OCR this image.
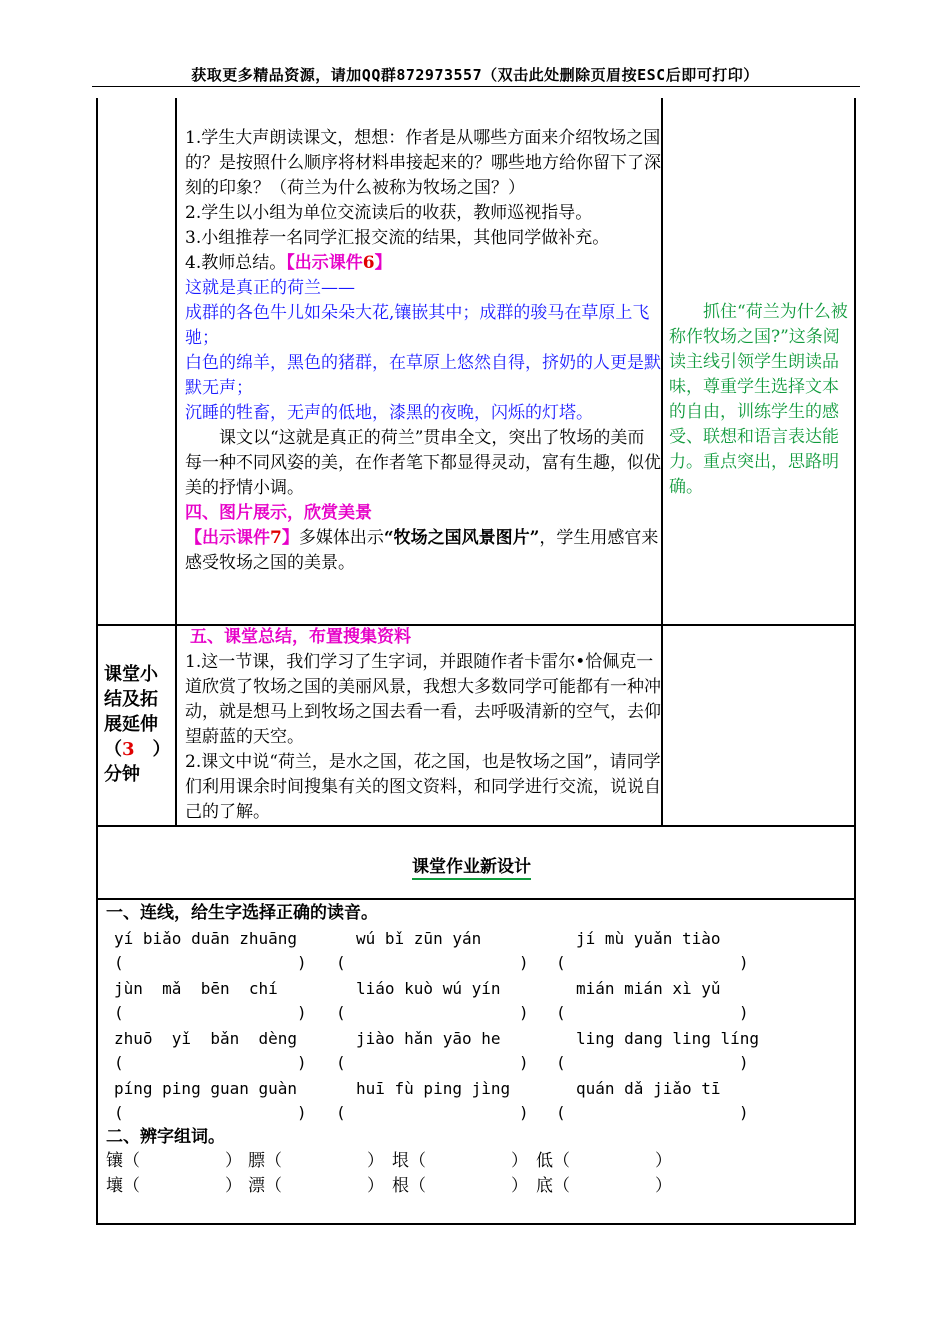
获取更多精品资源，请加QQ群872973557（双击此处删除页眉按ESC后即可打印）
1.学生大声朗读课文，想想：作者是从哪些方面来介绍牧场之国的？是按照什么顺序将材料串接起来的？哪些地方给你留下了深刻的印象？（荷兰为什么被称为牧场之国？）
2.学生以小组为单位交流读后的收获，教师巡视指导。
3.小组推荐一名同学汇报交流的结果，其他同学做补充。
4.教师总结。【出示课件6】
这就是真正的荷兰——
成群的各色牛儿如朵朵大花,镶嵌其中；成群的骏马在草原上飞驰；
白色的绵羊，黑色的猪群，在草原上悠然自得，挤奶的人更是默默无声；
沉睡的牲畜，无声的低地，漆黑的夜晚，闪烁的灯塔。
课文以“这就是真正的荷兰”贯串全文，突出了牧场的美而每一种不同风姿的美，在作者笔下都显得灵动，富有生趣，似优美的抒情小调。
四、图片展示，欣赏美景
【出示课件7】多媒体出示“牧场之国风景图片”，学生用感官来感受牧场之国的美景。
抓住“荷兰为什么被称作牧场之国?”这条阅读主线引领学生朗读品味，尊重学生选择文本的自由，训练学生的感受、联想和语言表达能力。重点突出，思路明确。
课堂小结及拓展延伸（3　）分钟
五、课堂总结，布置搜集资料
1.这一节课，我们学习了生字词，并跟随作者卡雷尔•恰佩克一道欣赏了牧场之国的美丽风景，我想大多数同学可能都有一种冲动，就是想马上到牧场之国去看一看，去呼吸清新的空气，去仰望蔚蓝的天空。
2.课文中说“荷兰，是水之国，花之国，也是牧场之国”，请同学们利用课余时间搜集有关的图文资料，和同学进行交流，说说自己的了解。
课堂作业新设计
一、连线，给生字选择正确的读音。
yí biǎo duān zhuāng
(                  )
wú bǐ zūn yán
(                  )
jí mù yuǎn tiào
(                  )
jùn  mǎ  bēn  chí
(                  )
liáo kuò wú yín
(                  )
mián mián xì yǔ
(                  )
zhuō  yǐ  bǎn  dèng
(                  )
jiào hǎn yāo he
(                  )
ling dang ling líng
(                  )
píng ping guan guàn
(                  )
huī fù ping jìng
(                  )
quán dǎ jiǎo tī
(                  )
二、辨字组词。
镶（　　　　　） 膘（　　　　　） 垠（　　　　　） 低（　　　　　）
壤（　　　　　） 漂（　　　　　） 根（　　　　　） 底（　　　　　）
